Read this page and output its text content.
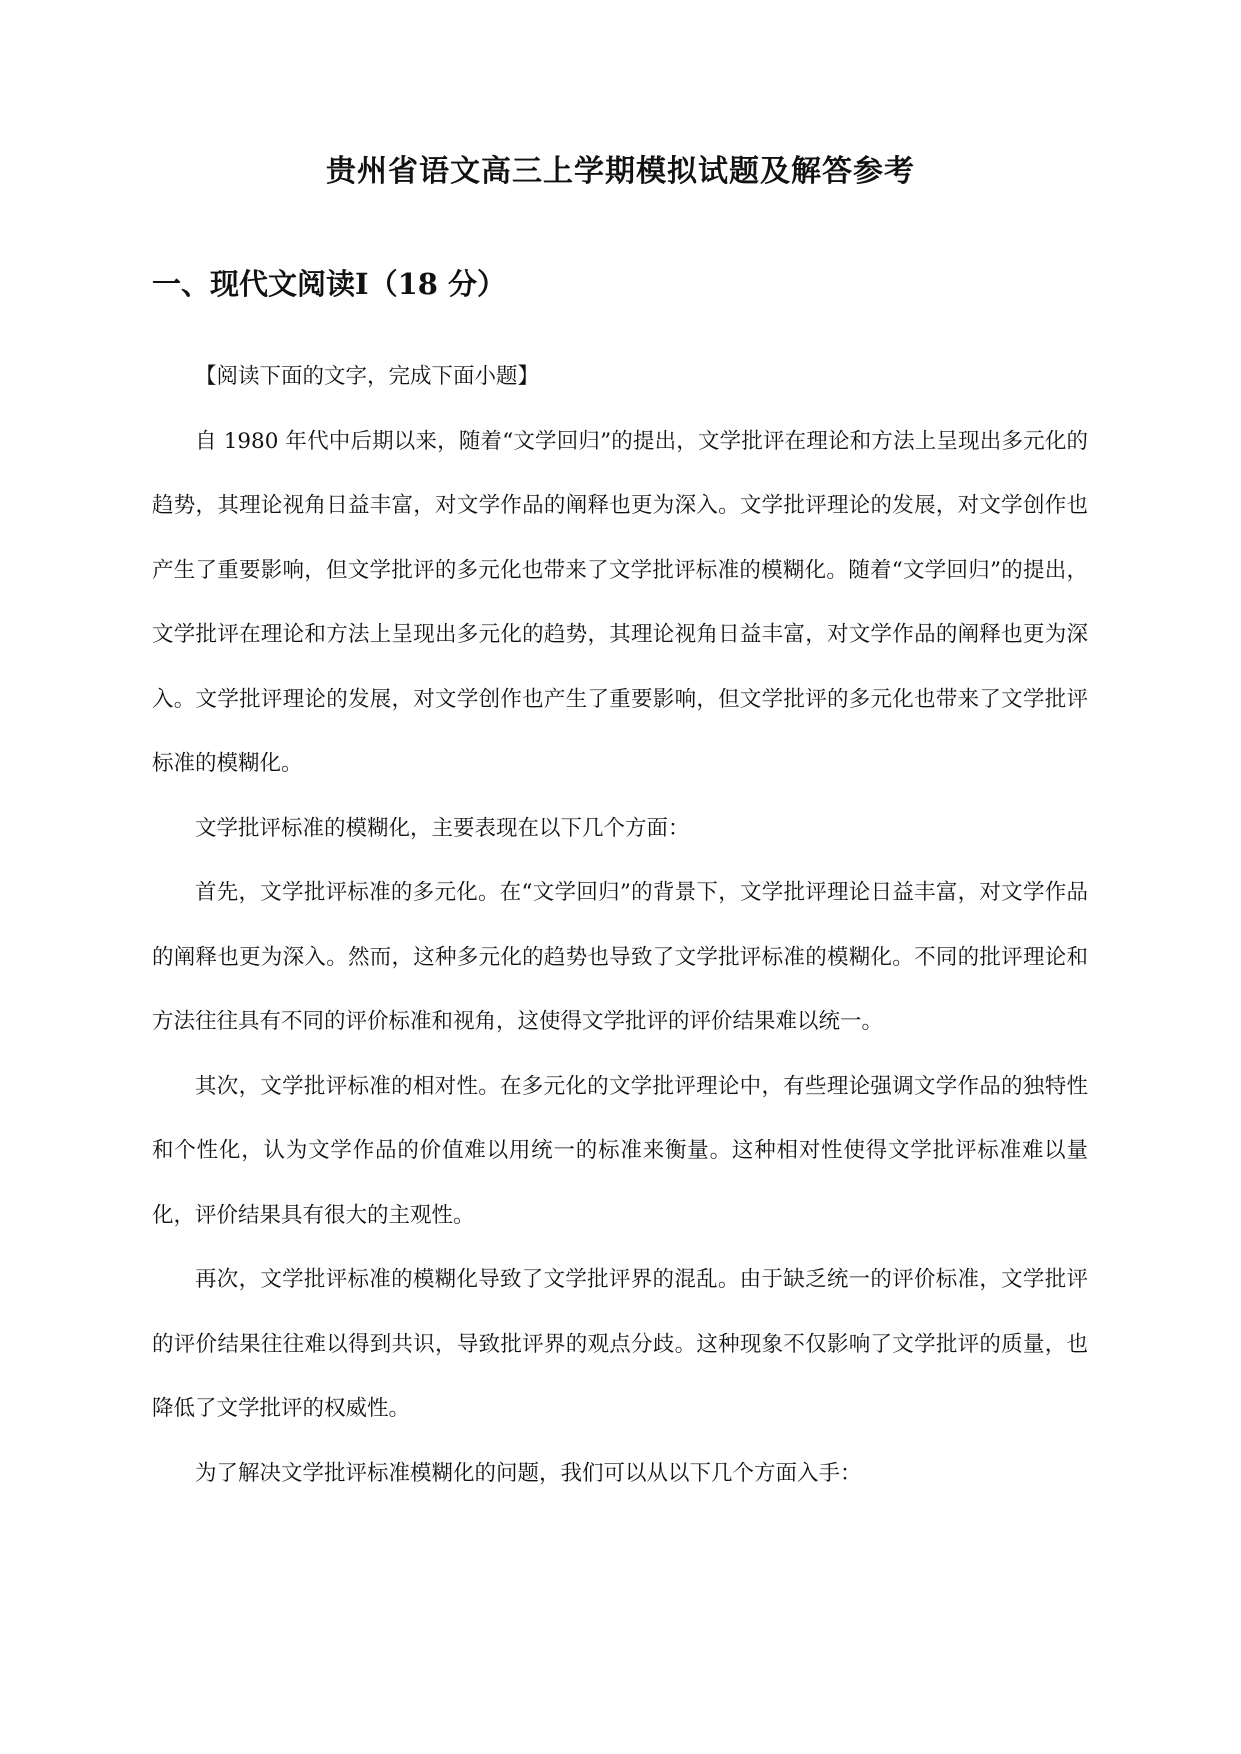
贵州省语文高三上学期模拟试题及解答参考
一、现代文阅读Ⅰ（18 分）

【阅读下面的文字，完成下面小题】

自 1980 年代中后期以来，随着“文学回归”的提出，文学批评在理论和方法上呈现出多元化的趋势，其理论视角日益丰富，对文学作品的阐释也更为深入。文学批评理论的发展，对文学创作也产生了重要影响，但文学批评的多元化也带来了文学批评标准的模糊化。随着“文学回归”的提出，文学批评在理论和方法上呈现出多元化的趋势，其理论视角日益丰富，对文学作品的阐释也更为深入。文学批评理论的发展，对文学创作也产生了重要影响，但文学批评的多元化也带来了文学批评标准的模糊化。

文学批评标准的模糊化，主要表现在以下几个方面：

首先，文学批评标准的多元化。在“文学回归”的背景下，文学批评理论日益丰富，对文学作品的阐释也更为深入。然而，这种多元化的趋势也导致了文学批评标准的模糊化。不同的批评理论和方法往往具有不同的评价标准和视角，这使得文学批评的评价结果难以统一。

其次，文学批评标准的相对性。在多元化的文学批评理论中，有些理论强调文学作品的独特性和个性化，认为文学作品的价值难以用统一的标准来衡量。这种相对性使得文学批评标准难以量化，评价结果具有很大的主观性。

再次，文学批评标准的模糊化导致了文学批评界的混乱。由于缺乏统一的评价标准，文学批评的评价结果往往难以得到共识，导致批评界的观点分歧。这种现象不仅影响了文学批评的质量，也降低了文学批评的权威性。

为了解决文学批评标准模糊化的问题，我们可以从以下几个方面入手：
